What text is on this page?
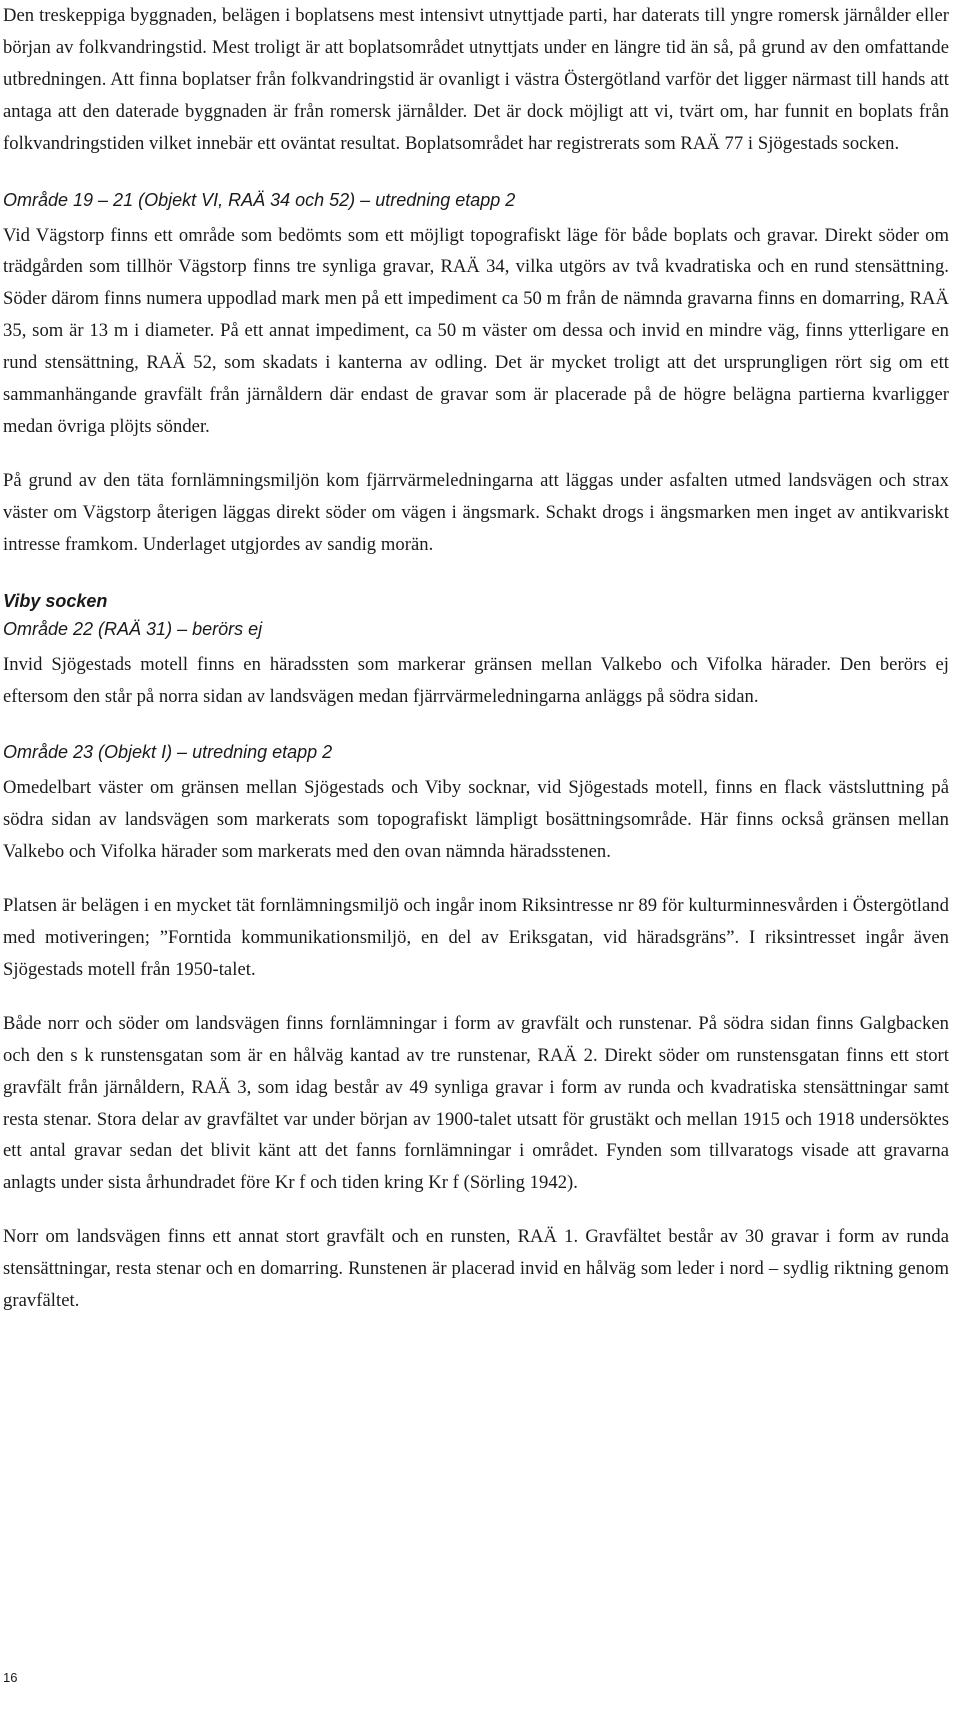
Den treskeppiga byggnaden, belägen i boplatsens mest intensivt utnyttjade parti, har daterats till yngre romersk järnålder eller början av folkvandringstid. Mest troligt är att boplatsområdet utnyttjats under en längre tid än så, på grund av den omfattande utbredningen. Att finna boplatser från folkvandringstid är ovanligt i västra Östergötland varför det ligger närmast till hands att antaga att den daterade byggnaden är från romersk järnålder. Det är dock möjligt att vi, tvärt om, har funnit en boplats från folkvandringstiden vilket innebär ett oväntat resultat. Boplatsområdet har registrerats som RAÄ 77 i Sjögestads socken.

Område 19 – 21 (Objekt VI, RAÄ 34 och 52) – utredning etapp 2

Vid Vägstorp finns ett område som bedömts som ett möjligt topografiskt läge för både boplats och gravar. Direkt söder om trädgården som tillhör Vägstorp finns tre synliga gravar, RAÄ 34, vilka utgörs av två kvadratiska och en rund stensättning. Söder därom finns numera uppodlad mark men på ett impediment ca 50 m från de nämnda gravarna finns en domarring, RAÄ 35, som är 13 m i diameter. På ett annat impediment, ca 50 m väster om dessa och invid en mindre väg, finns ytterligare en rund stensättning, RAÄ 52, som skadats i kanterna av odling. Det är mycket troligt att det ursprungligen rört sig om ett sammanhängande gravfält från järnåldern där endast de gravar som är placerade på de högre belägna partierna kvarligger medan övriga plöjts sönder.

På grund av den täta fornlämningsmiljön kom fjärrvärmeledningarna att läggas under asfalten utmed landsvägen och strax väster om Vägstorp återigen läggas direkt söder om vägen i ängsmark. Schakt drogs i ängsmarken men inget av antikvariskt intresse framkom. Underlaget utgjordes av sandig morän.

Viby socken
Område 22 (RAÄ 31) – berörs ej

Invid Sjögestads motell finns en häradssten som markerar gränsen mellan Valkebo och Vifolka härader. Den berörs ej eftersom den står på norra sidan av landsvägen medan fjärrvärmeledningarna anläggs på södra sidan.

Område 23 (Objekt I) – utredning etapp 2

Omedelbart väster om gränsen mellan Sjögestads och Viby socknar, vid Sjögestads motell, finns en flack västsluttning på södra sidan av landsvägen som markerats som topografiskt lämpligt bosättningsområde. Här finns också gränsen mellan Valkebo och Vifolka härader som markerats med den ovan nämnda häradsstenen.

Platsen är belägen i en mycket tät fornlämningsmiljö och ingår inom Riksintresse nr 89 för kulturminnesvården i Östergötland med motiveringen; ”Forntida kommunikationsmiljö, en del av Eriksgatan, vid häradsgräns”. I riksintresset ingår även Sjögestads motell från 1950-talet.

Både norr och söder om landsvägen finns fornlämningar i form av gravfält och runstenar. På södra sidan finns Galgbacken och den s k runstensgatan som är en hålväg kantad av tre runstenar, RAÄ 2. Direkt söder om runstensgatan finns ett stort gravfält från järnåldern, RAÄ 3, som idag består av 49 synliga gravar i form av runda och kvadratiska stensättningar samt resta stenar. Stora delar av gravfältet var under början av 1900-talet utsatt för grustäkt och mellan 1915 och 1918 undersöktes ett antal gravar sedan det blivit känt att det fanns fornlämningar i området. Fynden som tillvaratogs visade att gravarna anlagts under sista århundradet före Kr f och tiden kring Kr f (Sörling 1942).

Norr om landsvägen finns ett annat stort gravfält och en runsten, RAÄ 1. Gravfältet består av 30 gravar i form av runda stensättningar, resta stenar och en domarring. Runstenen är placerad invid en hålväg som leder i nord – sydlig riktning genom gravfältet.

16
